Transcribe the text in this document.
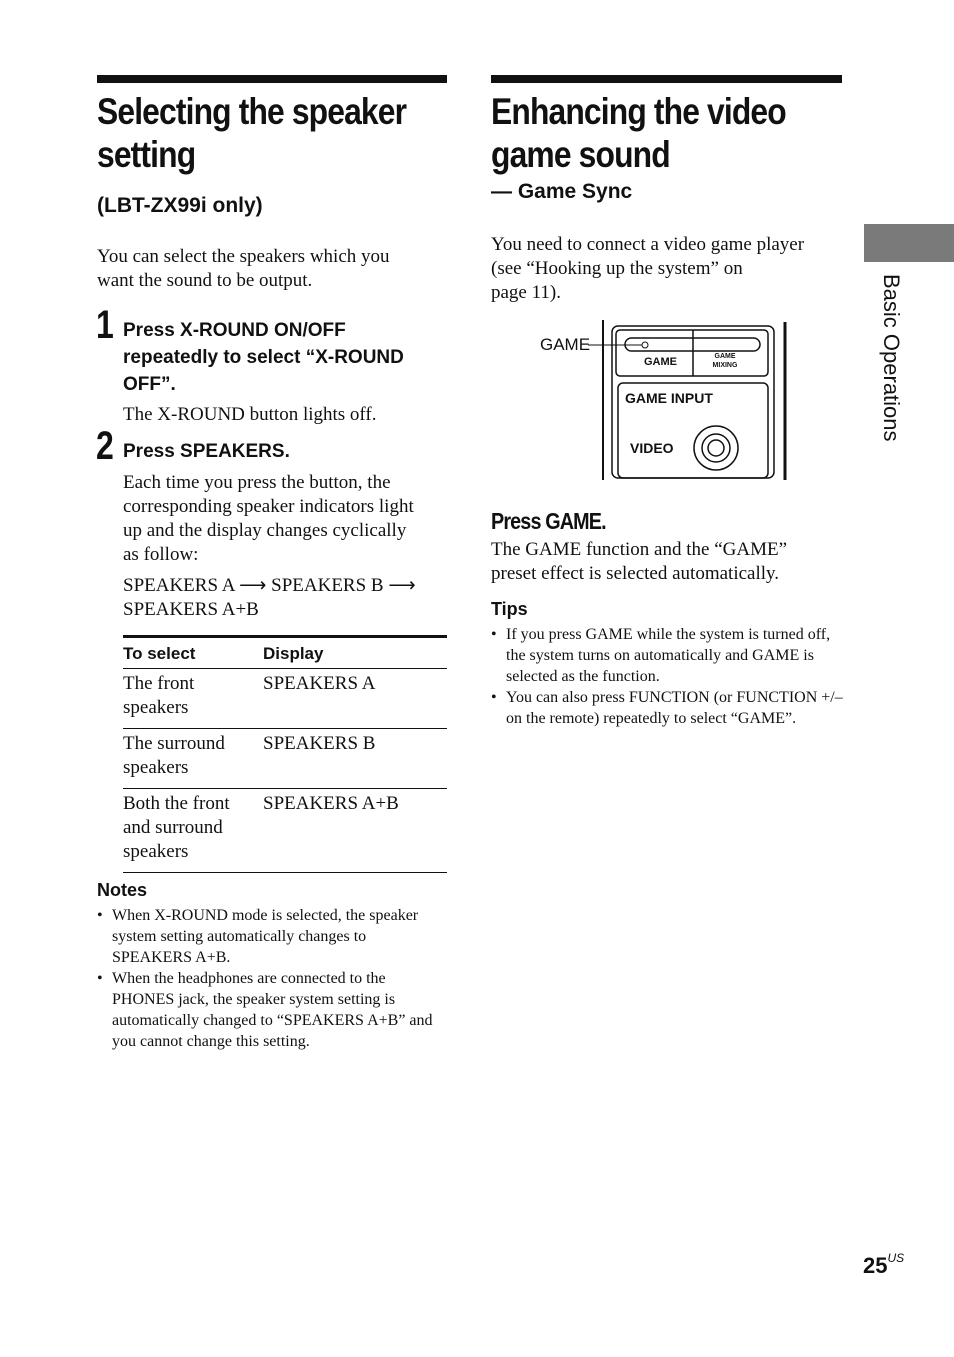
Selecting the speaker
setting
(LBT-ZX99i only)
You can select the speakers which you
want the sound to be output.
1 Press X-ROUND ON/OFF
repeatedly to select “X-ROUND
OFF”.
The X-ROUND button lights off.
2 Press SPEAKERS.
Each time you press the button, the
corresponding speaker indicators light
up and the display changes cyclically
as follow:
SPEAKERS A ⟶ SPEAKERS B ⟶
SPEAKERS A+B
To select	Display

The front speakers	SPEAKERS A

The surround speakers	SPEAKERS B

Both the front and surround speakers	SPEAKERS A+B
Notes
• When X-ROUND mode is selected, the speaker system setting automatically changes to SPEAKERS A+B.
• When the headphones are connected to the PHONES jack, the speaker system setting is automatically changed to “SPEAKERS A+B” and you cannot change this setting.
Enhancing the video
game sound
— Game Sync
You need to connect a video game player
(see “Hooking up the system” on
page 11).
GAME
GAME	GAME
MIXING
GAME INPUT
VIDEO
Press GAME.
The GAME function and the “GAME”
preset effect is selected automatically.
Tips
• If you press GAME while the system is turned off, the system turns on automatically and GAME is selected as the function.
• You can also press FUNCTION (or FUNCTION +/– on the remote) repeatedly to select “GAME”.
Basic Operations
$25^{US}$
